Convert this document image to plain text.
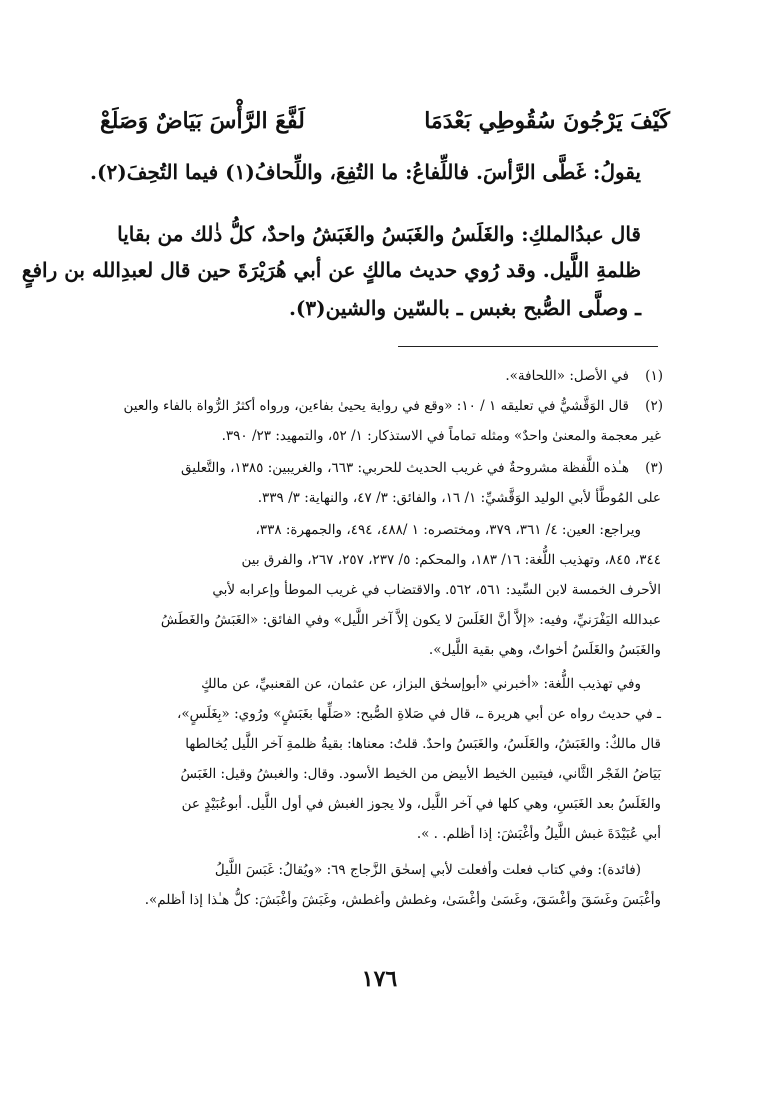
كَيْفَ يَرْجُونَ سُقُوطِي بَعْدَمَا
لَفَّعَ الرَّأْسَ بَيَاضٌ وَصَلَعْ
يقولُ: غَطَّى الرَّأسَ. فاللِّفاعُ: ما التُفِعَ، واللِّحافُ(١) فيما التُحِفَ(٢).
قال عبدُالملكِ: والغَلَسُ والغَبَسُ والغَبَشُ واحدٌ، كلُّ ذٰلك من بقايا
ظلمةِ اللَّيل. وقد رُوي حديث مالكٍ عن أبي هُرَيْرَةَ حين قال لعبدِالله بن رافعٍ
ـ وصلَّى الصُّبح بغبس ـ بالسّين والشين(٣).
(١)
في الأصل: «اللحافة».
(٢)
قال الوَقَّشيُّ في تعليقه ١ / ١٠: «وقع في رواية يحيىٰ بفاءين، ورواه أكثرُ الرُّواة بالفاء والعين
غير معجمة والمعنىٰ واحدٌ» ومثله تماماً في الاستذكار: ١/ ٥٢، والتمهيد: ٢٣/ ٣٩٠.
(٣)
هـٰذه اللَّفظة مشروحةٌ في غريب الحديث للحربي: ٦٦٣، والغريبين: ١٣٨٥، والتَّعليق
على المُوطَّأ لأبي الوليد الوَقَّشيِّ: ١/ ١٦، والفائق: ٣/ ٤٧، والنهاية: ٣/ ٣٣٩.
ويراجع: العين: ٤/ ٣٦١، ٣٧٩، ومختصره: ١ /٤٨٨، ٤٩٤، والجمهرة: ٣٣٨،
٣٤٤، ٨٤٥، وتهذيب اللُّغة: ١٦/ ١٨٣، والمحكم: ٥/ ٢٣٧، ٢٥٧، ٢٦٧، والفرق بين
الأحرف الخمسة لابن السِّيد: ٥٦١، ٥٦٢. والاقتضاب في غريب الموطأ وإعرابه لأبي
عبدالله اليَفْرَنيِّ، وفيه: «إلاَّ أنَّ الغَلَسَ لا يكون إلاَّ آخر اللَّيل» وفي الفائق: «الغَبَشُ والغَطَشُ
والغَبَسُ والغَلَسُ أخواتٌ، وهي بقية اللَّيل».
وفي تهذيب اللُّغة: «أخبرني «أبوإسحٰق البزاز، عن عثمان، عن القعنبيِّ، عن مالكٍ
ـ في حديث رواه عن أبي هريرة ـ، قال في صَلاةِ الصُّبح: «صَلِّها بغَبَشٍ» ورُوي: «بِغَلَسٍ»،
قال مالكٌ: والغَبَشُ، والغَلَسُ، والغَبَسُ واحدٌ. قلتُ: معناها: بقيةُ ظلمةِ آخر اللَّيل يُخالطها
بَيَاضُ الفَجْر الثَّاني، فيتبين الخيط الأبيض من الخيط الأسود. وقال: والغبشُ وقيل: الغَبَسُ
والغَلَسُ بعد الغَبَسِ، وهي كلها في آخر اللَّيل، ولا يجوز الغبش في أول اللَّيل. أبوعُبَيْدٍ عن
أبي عُبَيْدَةَ غبش اللَّيلُ وأغْبَشَ: إذا أظلم. . ».
(فائدة): وفي كتاب فعلت وأفعلت لأبي إسحٰق الزَّجاج ٦٩: «ويُقالُ: غَبَسَ اللَّيلُ
وأغْبَسَ وغَسَقَ وأغْسَقَ، وغَسَىٰ وأغْسَىٰ، وغطش وأغطش، وغَبَشَ وأغْبَشَ: كلُّ هـٰذا إذا أظلم».
١٧٦
